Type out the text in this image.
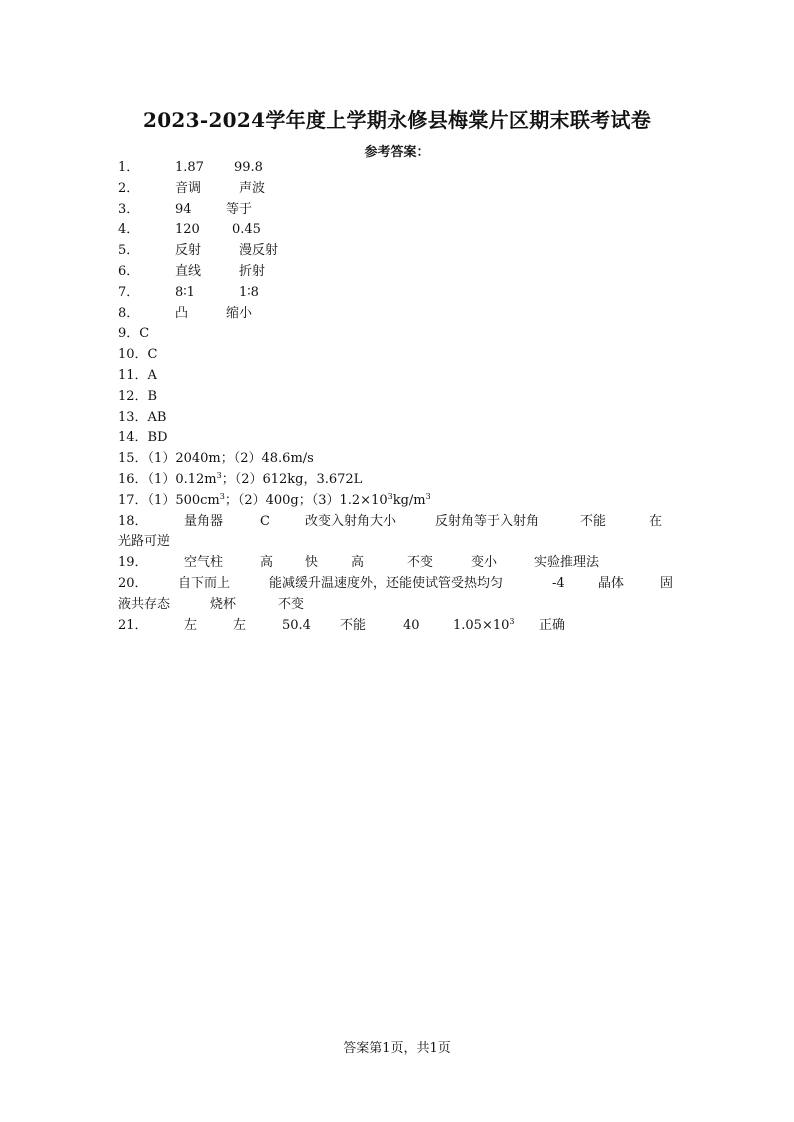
2023-2024学年度上学期永修县梅棠片区期末联考试卷
参考答案：
1．	1.87 99.8
2．	音调	声波
3．	94	等于
4．	120 0.45
5．	反射	漫反射
6．	直线	折射
7．	8∶1	1∶8
8．	凸	缩小
9．C
10．C
11．A
12．B
13．AB
14．BD
15．（1）2040m；（2）48.6m/s
16．$(1)0.12m^3$；（2）612kg，3.672L
17．$(1)500cm^3$；（2）400g；$(3)1.2\times 10^3kg/m^3$
18．	量角器	C	改变入射角大小	反射角等于入射角	不能	在
光路可逆
19．	空气柱	高 快	高	不变	变小	实验推理法
20． 自下而上	能减缓升温速度外，还能使试管受热均匀	-4	晶体	固
液共存态	烧杯	不变
21．	左	左	50.4 不能	40	$1.05\times 10^3$ 正确
答案第1页，共1页
